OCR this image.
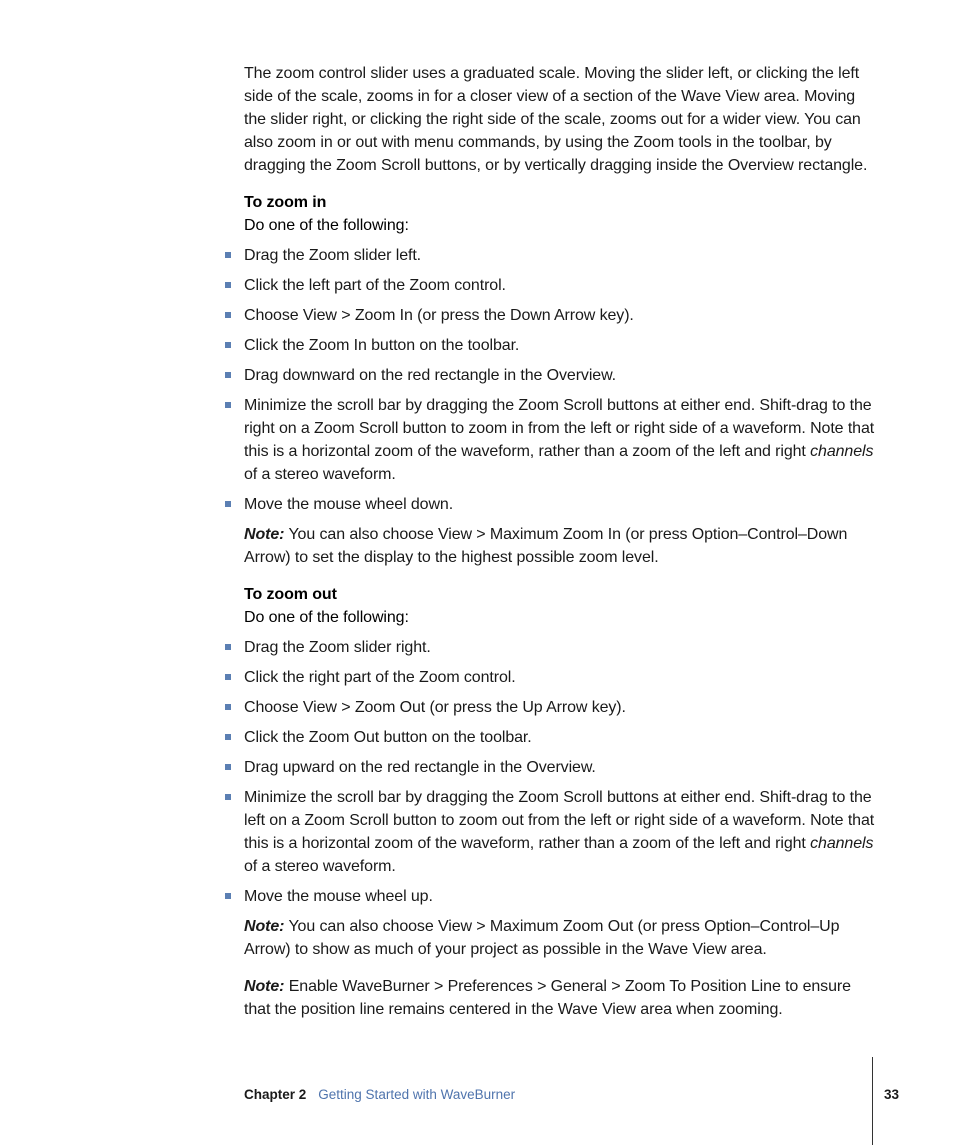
The zoom control slider uses a graduated scale. Moving the slider left, or clicking the left side of the scale, zooms in for a closer view of a section of the Wave View area. Moving the slider right, or clicking the right side of the scale, zooms out for a wider view. You can also zoom in or out with menu commands, by using the Zoom tools in the toolbar, by dragging the Zoom Scroll buttons, or by vertically dragging inside the Overview rectangle.

To zoom in
Do one of the following:

Drag the Zoom slider left.
Click the left part of the Zoom control.
Choose View > Zoom In (or press the Down Arrow key).
Click the Zoom In button on the toolbar.
Drag downward on the red rectangle in the Overview.
Minimize the scroll bar by dragging the Zoom Scroll buttons at either end. Shift-drag to the right on a Zoom Scroll button to zoom in from the left or right side of a waveform. Note that this is a horizontal zoom of the waveform, rather than a zoom of the left and right channels of a stereo waveform.
Move the mouse wheel down.

Note: You can also choose View > Maximum Zoom In (or press Option–Control–Down Arrow) to set the display to the highest possible zoom level.

To zoom out
Do one of the following:

Drag the Zoom slider right.
Click the right part of the Zoom control.
Choose View > Zoom Out (or press the Up Arrow key).
Click the Zoom Out button on the toolbar.
Drag upward on the red rectangle in the Overview.
Minimize the scroll bar by dragging the Zoom Scroll buttons at either end. Shift-drag to the left on a Zoom Scroll button to zoom out from the left or right side of a waveform. Note that this is a horizontal zoom of the waveform, rather than a zoom of the left and right channels of a stereo waveform.
Move the mouse wheel up.

Note: You can also choose View > Maximum Zoom Out (or press Option–Control–Up Arrow) to show as much of your project as possible in the Wave View area.

Note: Enable WaveBurner > Preferences > General > Zoom To Position Line to ensure that the position line remains centered in the Wave View area when zooming.

Chapter 2 Getting Started with WaveBurner	33
